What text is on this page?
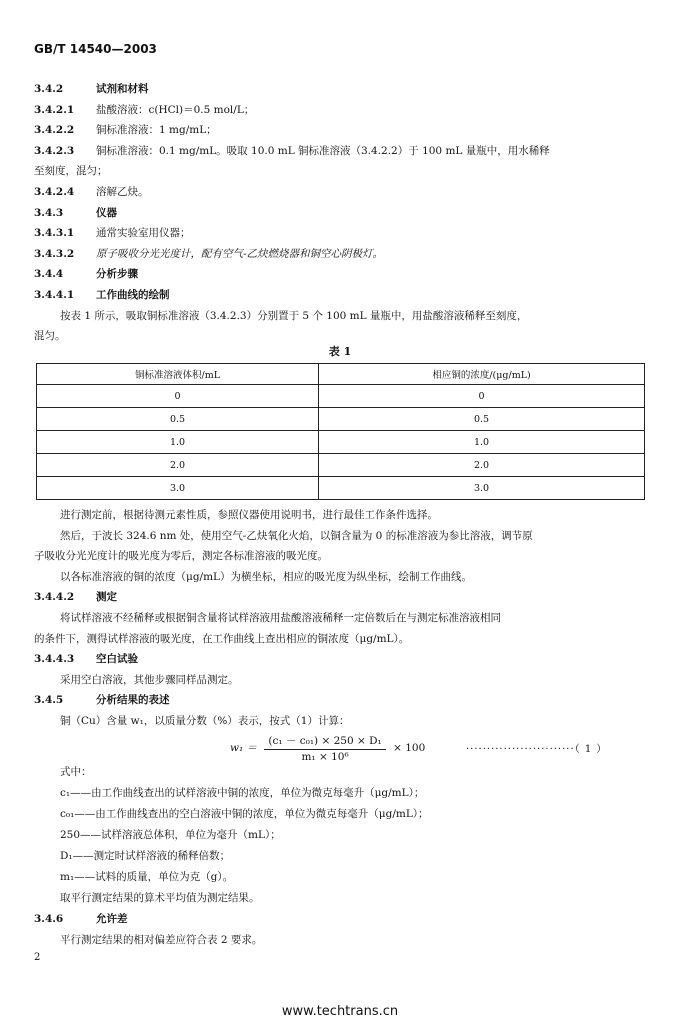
GB/T 14540—2003
3.4.2	试剂和材料
3.4.2.1 盐酸溶液：c(HCl)＝0.5 mol/L；
3.4.2.2 铜标准溶液：1 mg/mL；
3.4.2.3 铜标准溶液：0.1 mg/mL。吸取 10.0 mL 铜标准溶液（3.4.2.2）于 100 mL 量瓶中，用水稀释
至刻度，混匀；
3.4.2.4 溶解乙炔。
3.4.3	仪器
3.4.3.1 通常实验室用仪器；
3.4.3.2 原子吸收分光光度计，配有空气-乙炔燃烧器和铜空心阴极灯。
3.4.4	分析步骤
3.4.4.1 工作曲线的绘制
按表 1 所示，吸取铜标准溶液（3.4.2.3）分别置于 5 个 100 mL 量瓶中，用盐酸溶液稀释至刻度，
混匀。
表 1
铜标准溶液体积/mL	相应铜的浓度/(μg/mL)
0	0
0.5	0.5
1.0	1.0
2.0	2.0
3.0	3.0
进行测定前，根据待测元素性质，参照仪器使用说明书，进行最佳工作条件选择。
然后，于波长 324.6 nm 处，使用空气-乙炔氧化火焰，以铜含量为 0 的标准溶液为参比溶液，调节原
子吸收分光光度计的吸光度为零后，测定各标准溶液的吸光度。
以各标准溶液的铜的浓度（μg/mL）为横坐标，相应的吸光度为纵坐标，绘制工作曲线。
3.4.4.2 测定
将试样溶液不经稀释或根据铜含量将试样溶液用盐酸溶液稀释一定倍数后在与测定标准溶液相同
的条件下，测得试样溶液的吸光度，在工作曲线上查出相应的铜浓度（μg/mL）。
3.4.4.3 空白试验
采用空白溶液，其他步骤同样品测定。
3.4.5	分析结果的表述
铜（Cu）含量 w₁，以质量分数（%）表示，按式（1）计算：
$w_1 = \frac{\text{(c₁ － c₀₁) × 250 × D₁}}{\text{m₁ × 10⁶}} \times 100$	··························（ 1 ）
式中：
c₁——由工作曲线查出的试样溶液中铜的浓度，单位为微克每毫升（μg/mL）；
c₀₁——由工作曲线查出的空白溶液中铜的浓度，单位为微克每毫升（μg/mL）；
250——试样溶液总体积，单位为毫升（mL）；
D₁——测定时试样溶液的稀释倍数；
m₁——试料的质量，单位为克（g）。
取平行测定结果的算术平均值为测定结果。
3.4.6	允许差
平行测定结果的相对偏差应符合表 2 要求。
2
www.techtrans.cn
